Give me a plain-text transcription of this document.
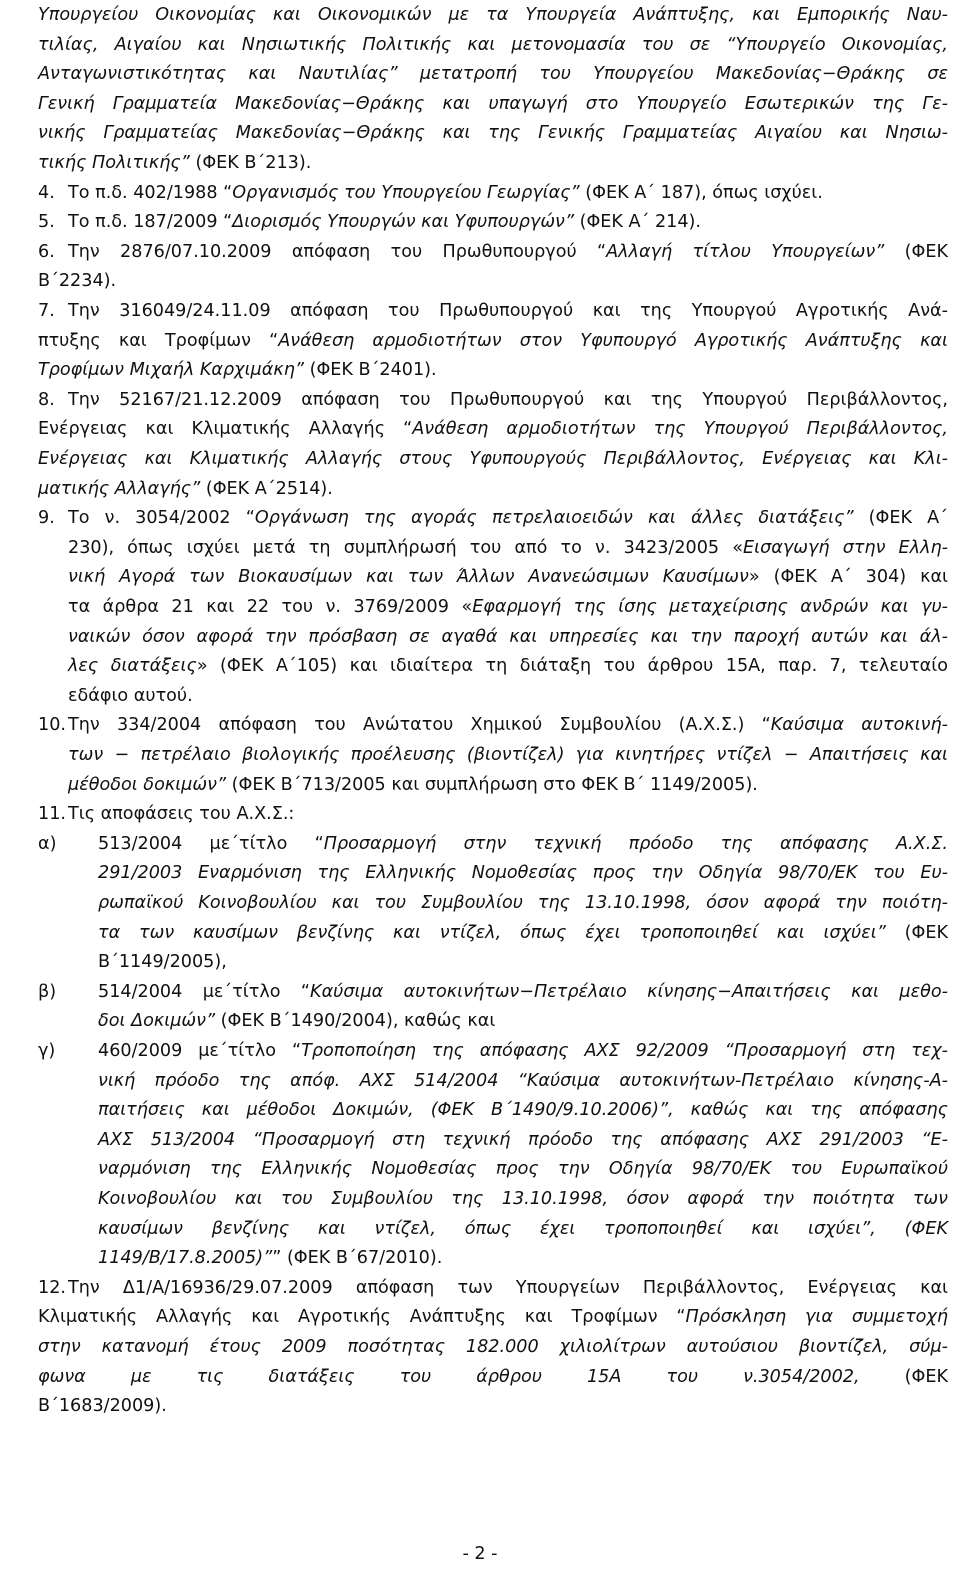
Υπουργείου Οικονομίας και Οικονομικών με τα Υπουργεία Ανάπτυξης, και Εμπορικής Ναυ-
τιλίας, Αιγαίου και Νησιωτικής Πολιτικής και μετονομασία του σε “Υπουργείο Οικονομίας,
Ανταγωνιστικότητας και Ναυτιλίας” μετατροπή του Υπουργείου Μακεδονίας−Θράκης σε
Γενική Γραμματεία Μακεδονίας−Θράκης και υπαγωγή στο Υπουργείο Εσωτερικών της Γε-
νικής Γραμματείας Μακεδονίας−Θράκης και της Γενικής Γραμματείας Αιγαίου και Νησιω-
τικής Πολιτικής” (ΦΕΚ Β΄213).
4. Το π.δ. 402/1988 “Οργανισμός του Υπουργείου Γεωργίας” (ΦΕΚ Α΄ 187), όπως ισχύει.
5. Το π.δ. 187/2009 “Διορισμός Υπουργών και Υφυπουργών” (ΦΕΚ Α΄ 214).
6. Την 2876/07.10.2009 απόφαση του Πρωθυπουργού “Αλλαγή τίτλου Υπουργείων” (ΦΕΚ
Β΄2234).
7. Την 316049/24.11.09 απόφαση του Πρωθυπουργού και της Υπουργού Αγροτικής Ανά-
πτυξης και Τροφίμων “Ανάθεση αρμοδιοτήτων στον Υφυπουργό Αγροτικής Ανάπτυξης και
Τροφίμων Μιχαήλ Καρχιμάκη” (ΦΕΚ Β΄2401).
8. Την 52167/21.12.2009 απόφαση του Πρωθυπουργού και της Υπουργού Περιβάλλοντος,
Ενέργειας και Κλιματικής Αλλαγής “Ανάθεση αρμοδιοτήτων της Υπουργού Περιβάλλοντος,
Ενέργειας και Κλιματικής Αλλαγής στους Υφυπουργούς Περιβάλλοντος, Ενέργειας και Κλι-
ματικής Αλλαγής” (ΦΕΚ Α΄2514).
9. Το ν. 3054/2002 “Οργάνωση της αγοράς πετρελαιοειδών και άλλες διατάξεις” (ΦΕΚ Α΄
230), όπως ισχύει μετά τη συμπλήρωσή του από το ν. 3423/2005 «Εισαγωγή στην Ελλη-
νική Αγορά των Βιοκαυσίμων και των Άλλων Ανανεώσιμων Καυσίμων» (ΦΕΚ Α΄ 304) και
τα άρθρα 21 και 22 του ν. 3769/2009 «Εφαρμογή της ίσης μεταχείρισης ανδρών και γυ-
ναικών όσον αφορά την πρόσβαση σε αγαθά και υπηρεσίες και την παροχή αυτών και άλ-
λες διατάξεις» (ΦΕΚ Α΄105) και ιδιαίτερα τη διάταξη του άρθρου 15Α, παρ. 7, τελευταίο
εδάφιο αυτού.
10. Την 334/2004 απόφαση του Ανώτατου Χημικού Συμβουλίου (Α.Χ.Σ.) “Καύσιμα αυτοκινή-
των − πετρέλαιο βιολογικής προέλευσης (βιοντίζελ) για κινητήρες ντίζελ − Απαιτήσεις και
μέθοδοι δοκιμών” (ΦΕΚ Β΄713/2005 και συμπλήρωση στο ΦΕΚ Β΄ 1149/2005).
11. Τις αποφάσεις του Α.Χ.Σ.:
α) 513/2004 με΄τίτλο “Προσαρμογή στην τεχνική πρόοδο της απόφασης Α.Χ.Σ.
291/2003 Εναρμόνιση της Ελληνικής Νομοθεσίας προς την Οδηγία 98/70/ΕΚ του Ευ-
ρωπαϊκού Κοινοβουλίου και του Συμβουλίου της 13.10.1998, όσον αφορά την ποιότη-
τα των καυσίμων βενζίνης και ντίζελ, όπως έχει τροποποιηθεί και ισχύει” (ΦΕΚ
Β΄1149/2005),
β) 514/2004 με΄τίτλο “Καύσιμα αυτοκινήτων−Πετρέλαιο κίνησης−Απαιτήσεις και μεθο-
δοι Δοκιμών” (ΦΕΚ Β΄1490/2004), καθώς και
γ) 460/2009 με΄τίτλο “Τροποποίηση της απόφασης ΑΧΣ 92/2009 “Προσαρμογή στη τεχ-
νική πρόοδο της απόφ. ΑΧΣ 514/2004 “Καύσιμα αυτοκινήτων-Πετρέλαιο κίνησης-Α-
παιτήσεις και μέθοδοι Δοκιμών, (ΦΕΚ Β΄1490/9.10.2006)”, καθώς και της απόφασης
ΑΧΣ 513/2004 “Προσαρμογή στη τεχνική πρόοδο της απόφασης ΑΧΣ 291/2003 “Ε-
ναρμόνιση της Ελληνικής Νομοθεσίας προς την Οδηγία 98/70/ΕΚ του Ευρωπαϊκού
Κοινοβουλίου και του Συμβουλίου της 13.10.1998, όσον αφορά την ποιότητα των
καυσίμων βενζίνης και ντίζελ, όπως έχει τροποποιηθεί και ισχύει”, (ΦΕΚ
1149/Β/17.8.2005)”” (ΦΕΚ Β΄67/2010).
12. Την Δ1/Α/16936/29.07.2009 απόφαση των Υπουργείων Περιβάλλοντος, Ενέργειας και
Κλιματικής Αλλαγής και Αγροτικής Ανάπτυξης και Τροφίμων “Πρόσκληση για συμμετοχή
στην κατανομή έτους 2009 ποσότητας 182.000 χιλιολίτρων αυτούσιου βιοντίζελ, σύμ-
φωνα με τις διατάξεις του άρθρου 15Α του ν.3054/2002, (ΦΕΚ
Β΄1683/2009).
- 2 -
